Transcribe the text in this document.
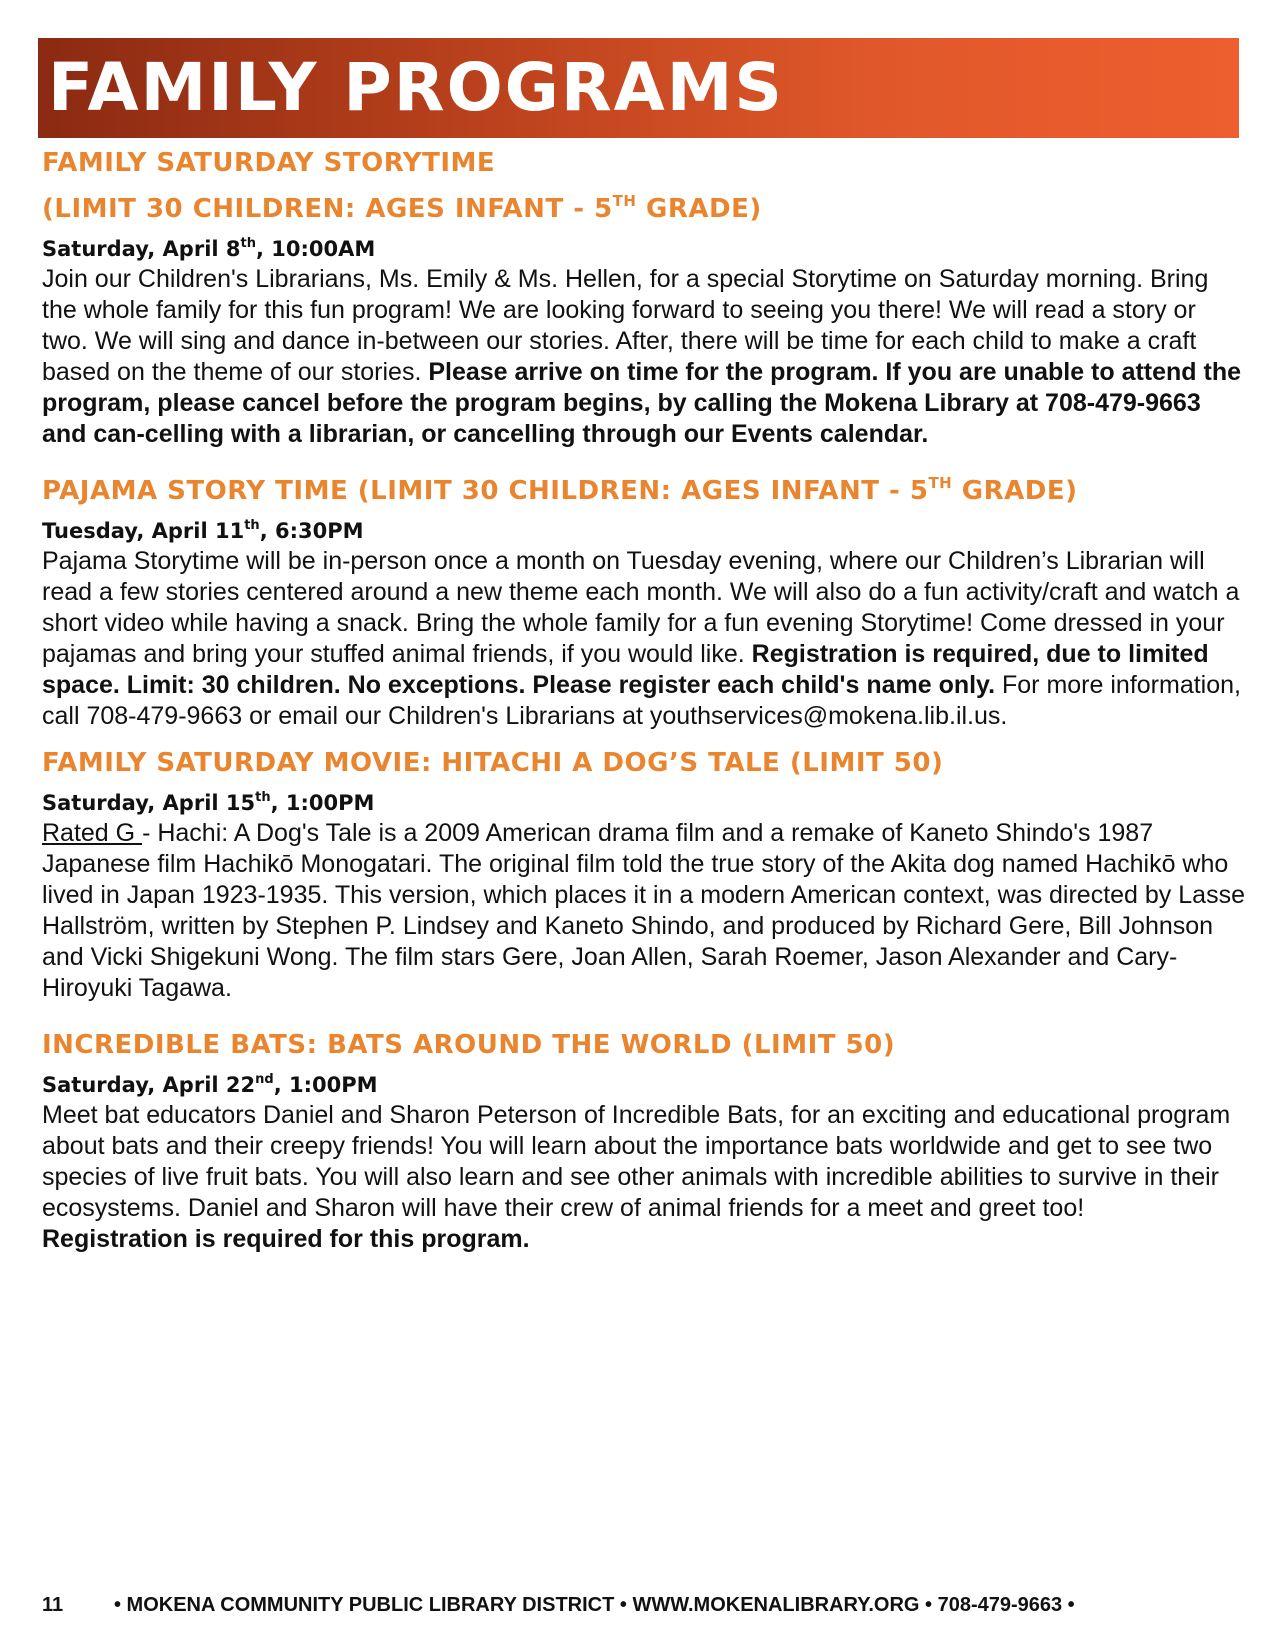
FAMILY PROGRAMS
FAMILY SATURDAY STORYTIME
(LIMIT 30 CHILDREN: AGES INFANT - 5TH GRADE)
Saturday, April 8th, 10:00AM

Join our Children's Librarians, Ms. Emily & Ms. Hellen, for a special Storytime on Saturday morning. Bring the whole family for this fun program! We are looking forward to seeing you there! We will read a story or two. We will sing and dance in-between our stories. After, there will be time for each child to make a craft based on the theme of our stories. Please arrive on time for the program. If you are unable to attend the program, please cancel before the program begins, by calling the Mokena Library at 708-479-9663 and can-celling with a librarian, or cancelling through our Events calendar.

PAJAMA STORY TIME (LIMIT 30 CHILDREN: AGES INFANT - 5TH GRADE)
Tuesday, April 11th, 6:30PM

Pajama Storytime will be in-person once a month on Tuesday evening, where our Children’s Librarian will read a few stories centered around a new theme each month. We will also do a fun activity/craft and watch a short video while having a snack. Bring the whole family for a fun evening Storytime! Come dressed in your pajamas and bring your stuffed animal friends, if you would like. Registration is required, due to limited space. Limit: 30 children. No exceptions. Please register each child's name only. For more information, call 708-479-9663 or email our Children's Librarians at youthservices@mokena.lib.il.us.

FAMILY SATURDAY MOVIE: HITACHI A DOG’S TALE (LIMIT 50)
Saturday, April 15th, 1:00PM

Rated G - Hachi: A Dog's Tale is a 2009 American drama film and a remake of Kaneto Shindo's 1987 Japanese film Hachikō Monogatari. The original film told the true story of the Akita dog named Hachikō who lived in Japan 1923-1935. This version, which places it in a modern American context, was directed by Lasse Hallström, written by Stephen P. Lindsey and Kaneto Shindo, and produced by Richard Gere, Bill Johnson and Vicki Shigekuni Wong. The film stars Gere, Joan Allen, Sarah Roemer, Jason Alexander and Cary-Hiroyuki Tagawa.

INCREDIBLE BATS: BATS AROUND THE WORLD (LIMIT 50)
Saturday, April 22nd, 1:00PM

Meet bat educators Daniel and Sharon Peterson of Incredible Bats, for an exciting and educational program about bats and their creepy friends! You will learn about the importance bats worldwide and get to see two species of live fruit bats. You will also learn and see other animals with incredible abilities to survive in their ecosystems. Daniel and Sharon will have their crew of animal friends for a meet and greet too!
Registration is required for this program.

11	• MOKENA COMMUNITY PUBLIC LIBRARY DISTRICT • WWW.MOKENALIBRARY.ORG • 708-479-9663 •
